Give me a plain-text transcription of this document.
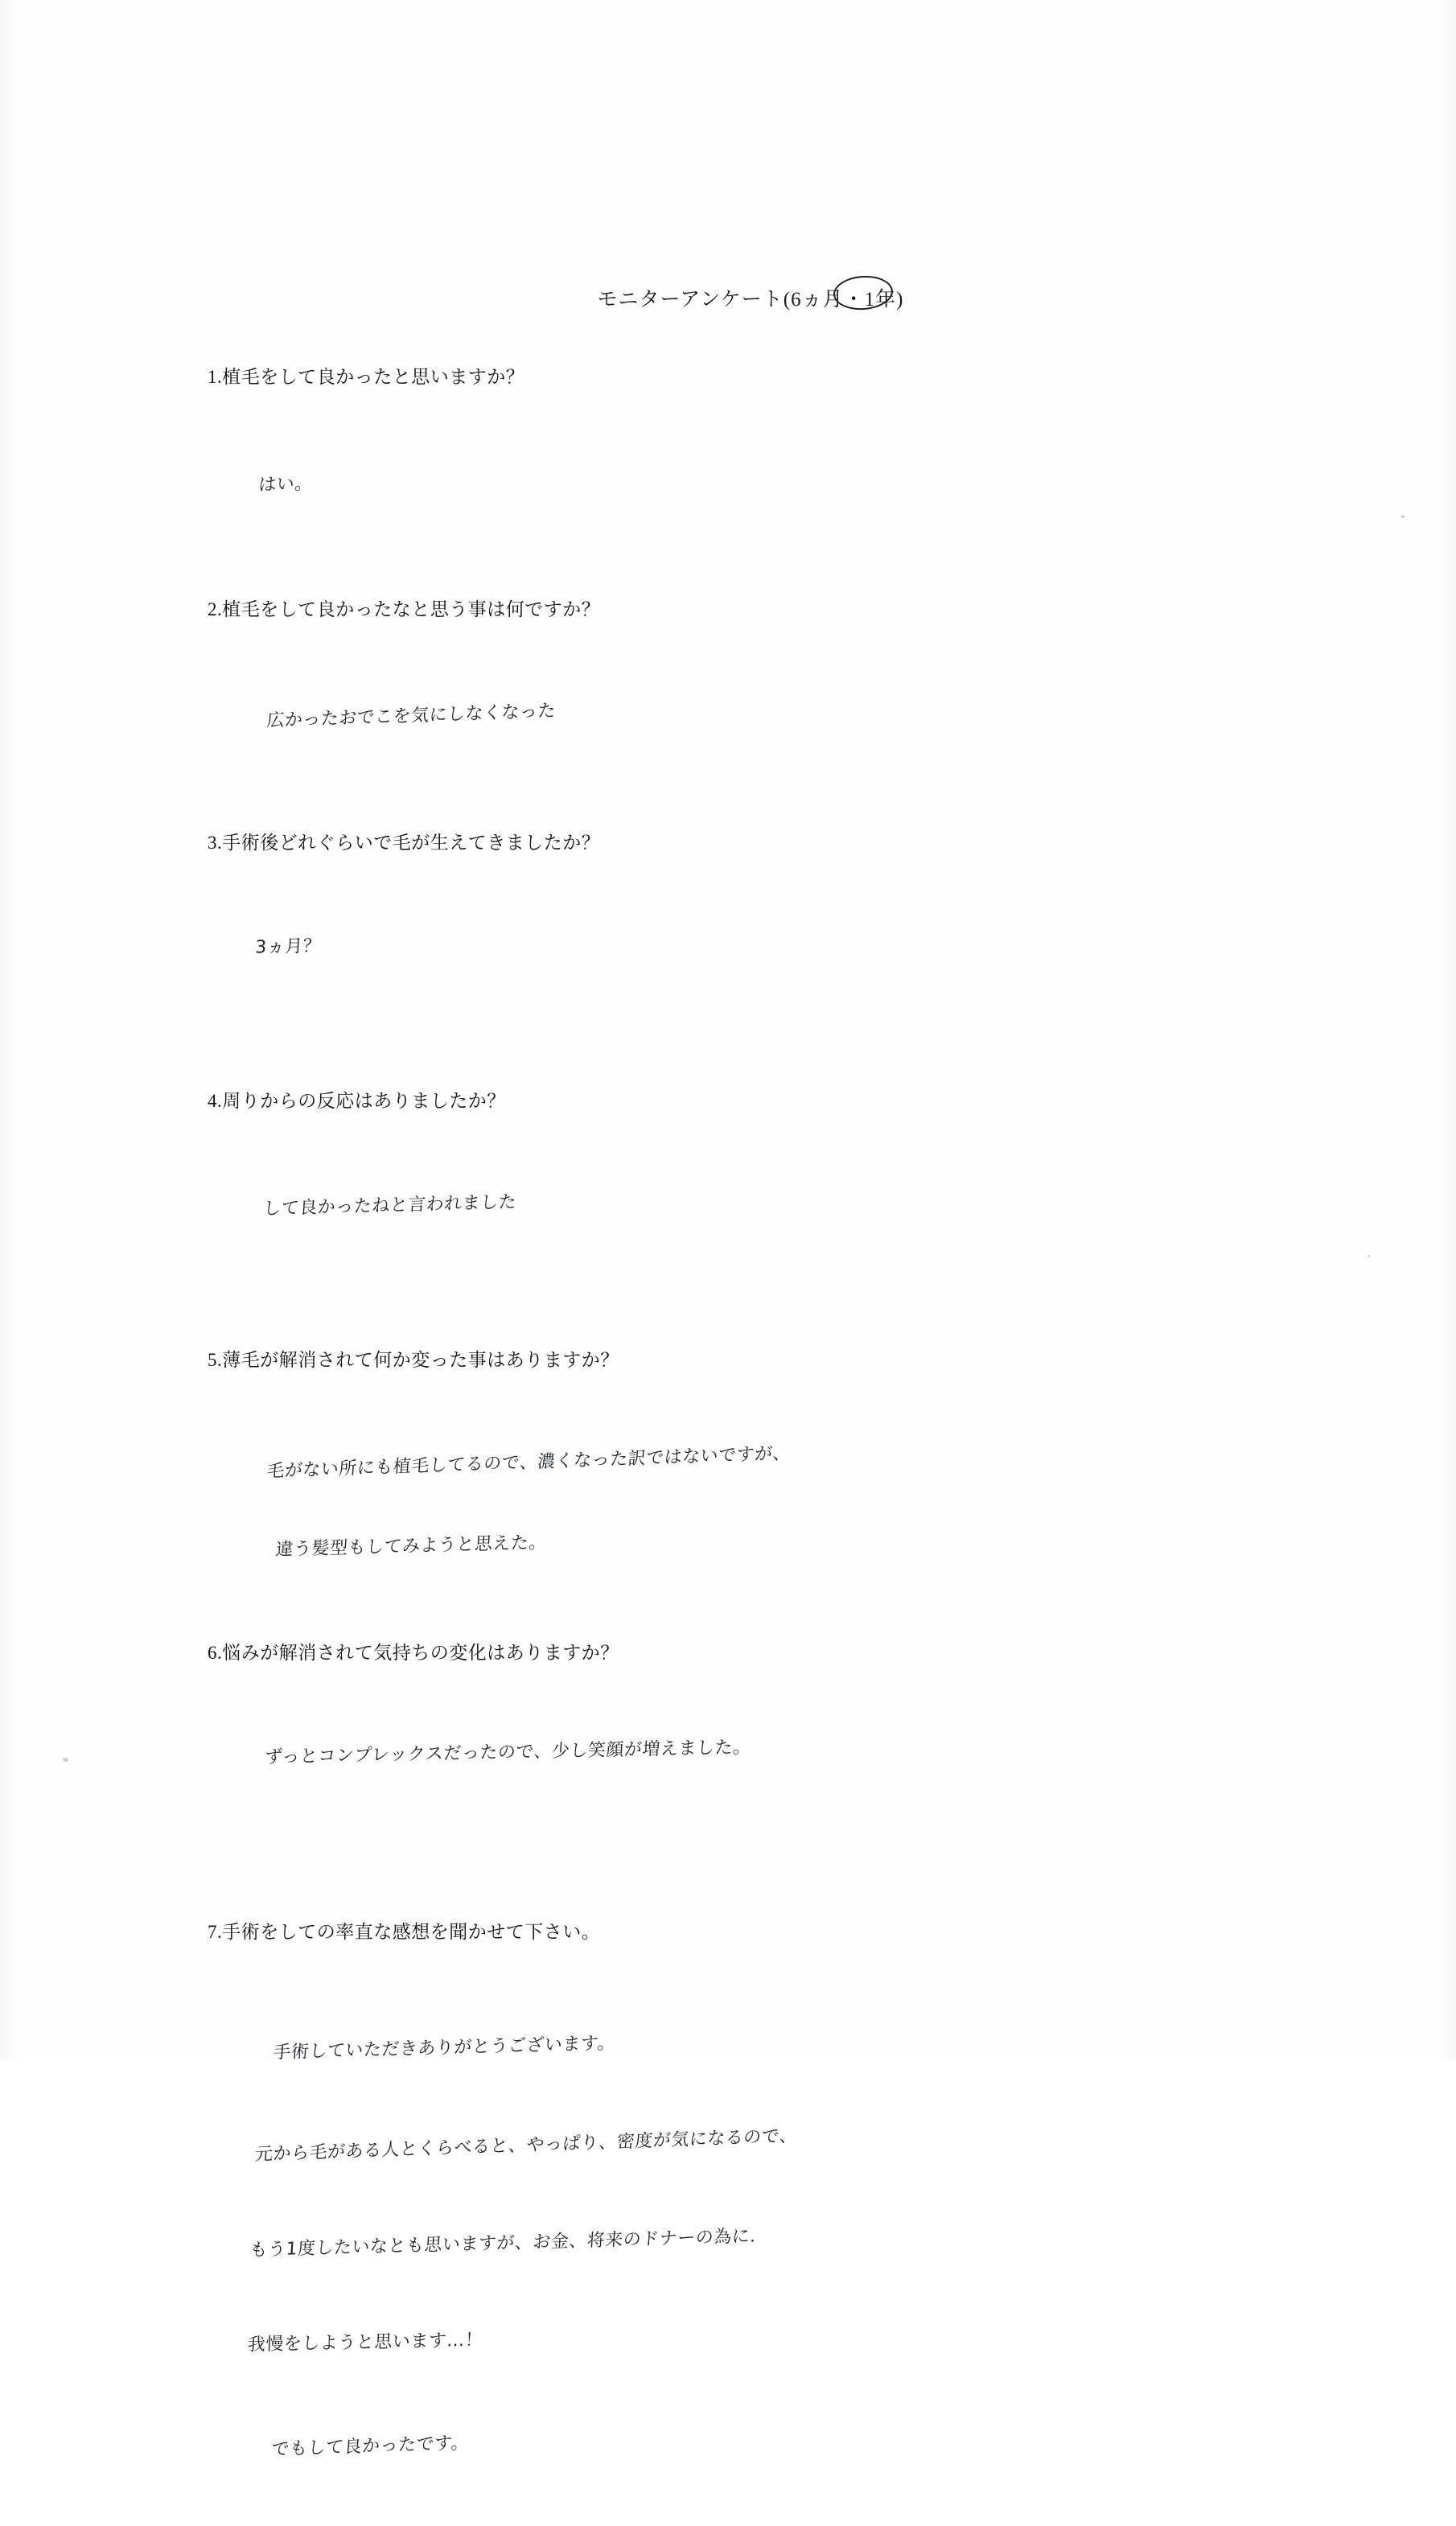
モニターアンケート(6ヵ月・1年)

1.植毛をして良かったと思いますか？

はい。

2.植毛をして良かったなと思う事は何ですか？

広かったおでこを気にしなくなった

3.手術後どれぐらいで毛が生えてきましたか？

3ヵ月？

4.周りからの反応はありましたか？

して良かったねと言われました

5.薄毛が解消されて何か変った事はありますか？

毛がない所にも植毛してるので、濃くなった訳ではないですが、

違う髪型もしてみようと思えた。

6.悩みが解消されて気持ちの変化はありますか？

ずっとコンプレックスだったので、少し笑顔が増えました。

7.手術をしての率直な感想を聞かせて下さい。

手術していただきありがとうございます。

元から毛がある人とくらべると、やっぱり、密度が気になるので、

もう1度したいなとも思いますが、お金、将来のドナーの為に.

我慢をしようと思います…！

でもして良かったです。
